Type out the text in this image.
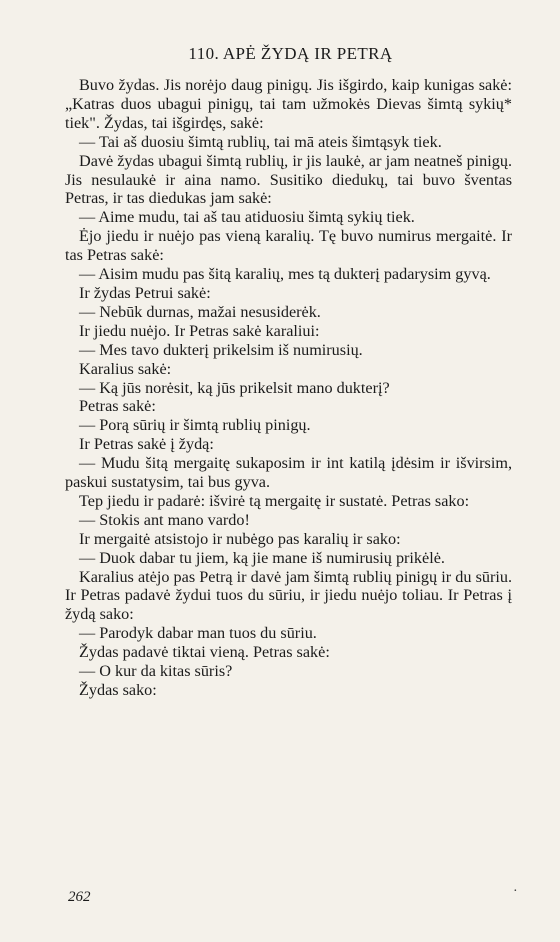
110. APĖ ŽYDĄ IR PETRĄ

Buvo žydas. Jis norėjo daug pinigų. Jis išgirdo, kaip kunigas sakė: „Katras duos ubagui pinigų, tai tam užmokės Dievas šimtą sykių* tiek". Žydas, tai išgirdęs, sakė:

— Tai aš duosiu šimtą rublių, tai mā ateis šimtąsyk tiek.

Davė žydas ubagui šimtą rublių, ir jis laukė, ar jam neatneš pinigų. Jis nesulaukė ir aina namo. Susitiko diedukų, tai buvo šventas Petras, ir tas diedukas jam sakė:

— Aime mudu, tai aš tau atiduosiu šimtą sykių tiek.

Ėjo jiedu ir nuėjo pas vieną karalių. Tę buvo numirus mergaitė. Ir tas Petras sakė:

— Aisim mudu pas šitą karalių, mes tą dukterį padarysim gyvą.

Ir žydas Petrui sakė:

— Nebūk durnas, mažai nesusiderėk.

Ir jiedu nuėjo. Ir Petras sakė karaliui:

— Mes tavo dukterį prikelsim iš numirusių.

Karalius sakė:

— Ką jūs norėsit, ką jūs prikelsit mano dukterį?

Petras sakė:

— Porą sūrių ir šimtą rublių pinigų.

Ir Petras sakė į žydą:

— Mudu šitą mergaitę sukaposim ir int katilą įdėsim ir išvirsim, paskui sustatysim, tai bus gyva.

Tep jiedu ir padarė: išvirė tą mergaitę ir sustatė. Petras sako:

— Stokis ant mano vardo!

Ir mergaitė atsistojo ir nubėgo pas karalių ir sako:

— Duok dabar tu jiem, ką jie mane iš numirusių prikėlė.

Karalius atėjo pas Petrą ir davė jam šimtą rublių pinigų ir du sūriu. Ir Petras padavė žydui tuos du sūriu, ir jiedu nuėjo toliau. Ir Petras į žydą sako:

— Parodyk dabar man tuos du sūriu.

Žydas padavė tiktai vieną. Petras sakė:

— O kur da kitas sūris?

Žydas sako:

262	·
